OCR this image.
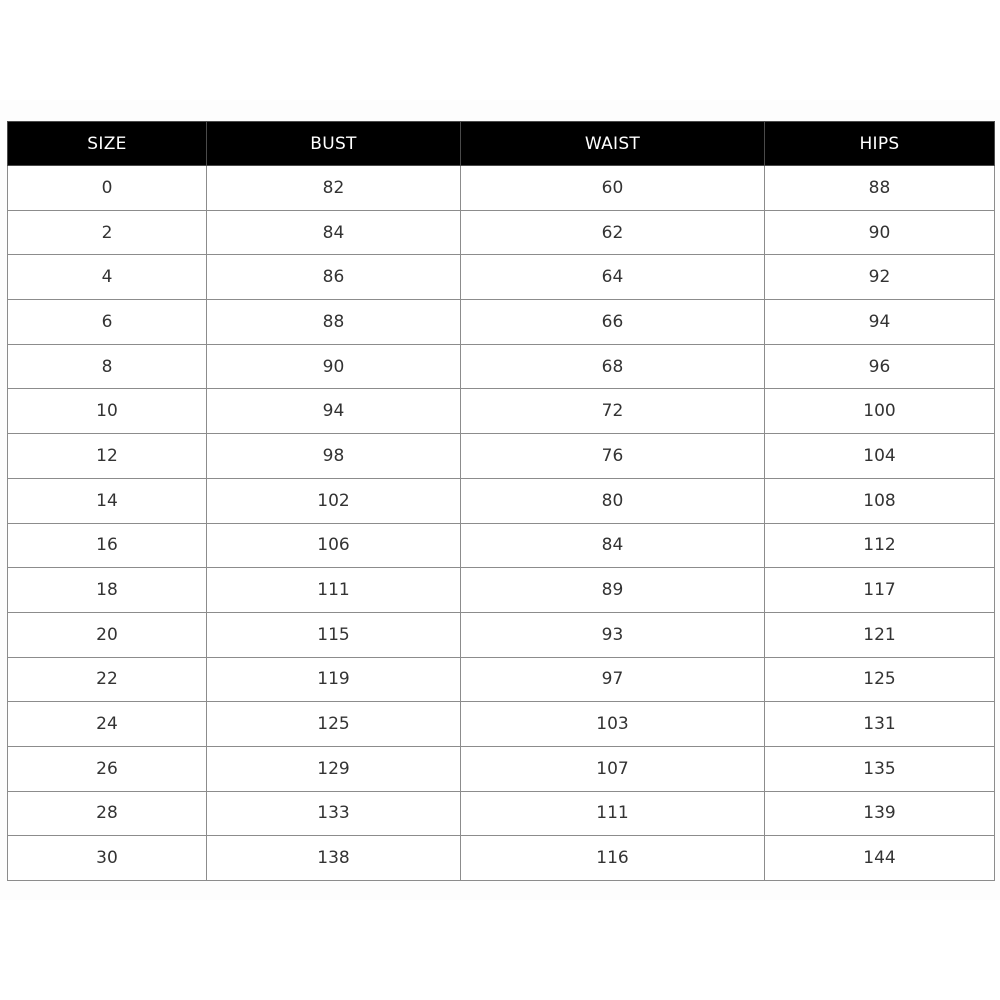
SIZE	BUST	WAIST	HIPS
0	82	60	88
2	84	62	90
4	86	64	92
6	88	66	94
8	90	68	96
10	94	72	100
12	98	76	104
14	102	80	108
16	106	84	112
18	111	89	117
20	115	93	121
22	119	97	125
24	125	103	131
26	129	107	135
28	133	111	139
30	138	116	144
